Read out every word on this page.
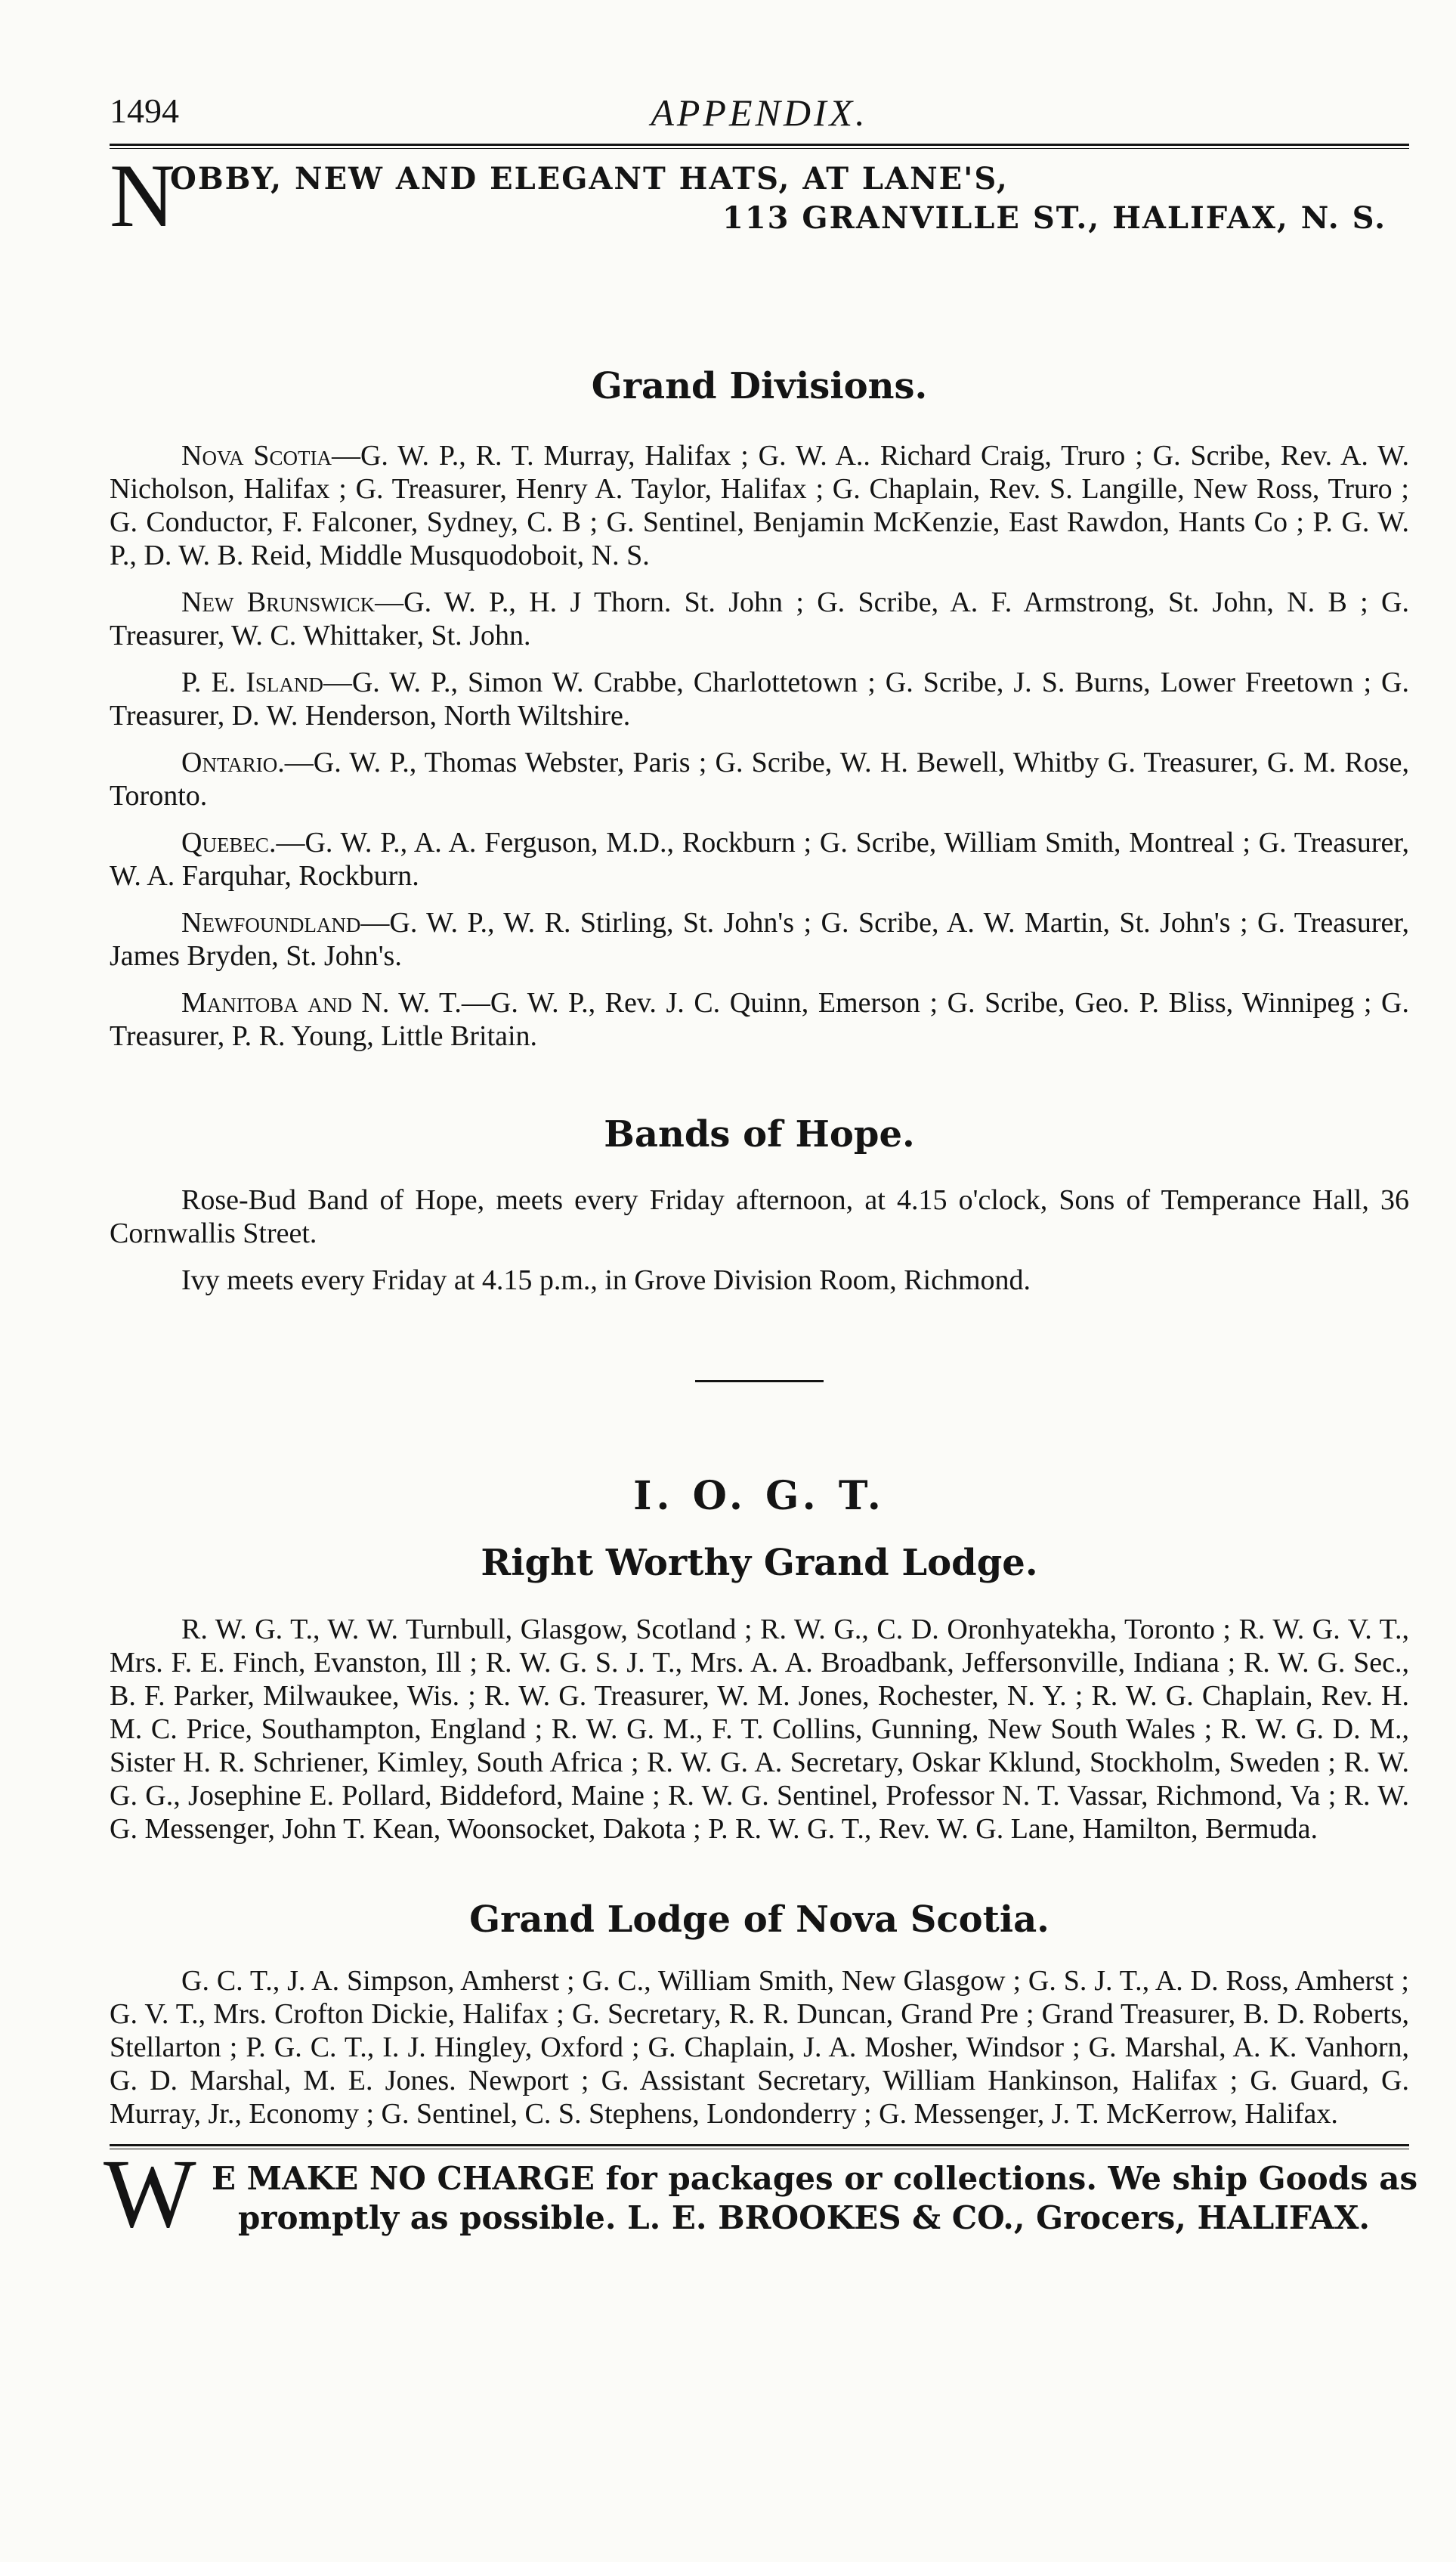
1494	APPENDIX.
N
OBBY, NEW AND ELEGANT HATS, AT LANE'S,
113 GRANVILLE ST., HALIFAX, N. S.
Grand Divisions.

Nova Scotia—G. W. P., R. T. Murray, Halifax ; G. W. A.. Richard Craig, Truro ; G. Scribe, Rev. A. W. Nicholson, Halifax ; G. Treasurer, Henry A. Taylor, Halifax ; G. Chaplain, Rev. S. Langille, New Ross, Truro ; G. Conductor, F. Falconer, Sydney, C. B ; G. Sentinel, Benjamin McKenzie, East Rawdon, Hants Co ; P. G. W. P., D. W. B. Reid, Middle Musquodoboit, N. S.

New Brunswick—G. W. P., H. J Thorn. St. John ; G. Scribe, A. F. Armstrong, St. John, N. B ; G. Treasurer, W. C. Whittaker, St. John.

P. E. Island—G. W. P., Simon W. Crabbe, Charlottetown ; G. Scribe, J. S. Burns, Lower Freetown ; G. Treasurer, D. W. Henderson, North Wiltshire.

Ontario.—G. W. P., Thomas Webster, Paris ; G. Scribe, W. H. Bewell, Whitby G. Treasurer, G. M. Rose, Toronto.

Quebec.—G. W. P., A. A. Ferguson, M.D., Rockburn ; G. Scribe, William Smith, Montreal ; G. Treasurer, W. A. Farquhar, Rockburn.

Newfoundland—G. W. P., W. R. Stirling, St. John's ; G. Scribe, A. W. Martin, St. John's ; G. Treasurer, James Bryden, St. John's.

Manitoba and N. W. T.—G. W. P., Rev. J. C. Quinn, Emerson ; G. Scribe, Geo. P. Bliss, Winnipeg ; G. Treasurer, P. R. Young, Little Britain.

Bands of Hope.

Rose-Bud Band of Hope, meets every Friday afternoon, at 4.15 o'clock, Sons of Temperance Hall, 36 Cornwallis Street.

Ivy meets every Friday at 4.15 p.m., in Grove Division Room, Richmond.

I. O. G. T.
Right Worthy Grand Lodge.

R. W. G. T., W. W. Turnbull, Glasgow, Scotland ; R. W. G., C. D. Oronhyatekha, Toronto ; R. W. G. V. T., Mrs. F. E. Finch, Evanston, Ill ; R. W. G. S. J. T., Mrs. A. A. Broadbank, Jeffersonville, Indiana ; R. W. G. Sec., B. F. Parker, Milwaukee, Wis. ; R. W. G. Treasurer, W. M. Jones, Rochester, N. Y. ; R. W. G. Chaplain, Rev. H. M. C. Price, Southampton, England ; R. W. G. M., F. T. Collins, Gunning, New South Wales ; R. W. G. D. M., Sister H. R. Schriener, Kimley, South Africa ; R. W. G. A. Secretary, Oskar Kklund, Stockholm, Sweden ; R. W. G. G., Josephine E. Pollard, Biddeford, Maine ; R. W. G. Sentinel, Professor N. T. Vassar, Richmond, Va ; R. W. G. Messenger, John T. Kean, Woonsocket, Dakota ; P. R. W. G. T., Rev. W. G. Lane, Hamilton, Bermuda.

Grand Lodge of Nova Scotia.

G. C. T., J. A. Simpson, Amherst ; G. C., William Smith, New Glasgow ; G. S. J. T., A. D. Ross, Amherst ; G. V. T., Mrs. Crofton Dickie, Halifax ; G. Secretary, R. R. Duncan, Grand Pre ; Grand Treasurer, B. D. Roberts, Stellarton ; P. G. C. T., I. J. Hingley, Oxford ; G. Chaplain, J. A. Mosher, Windsor ; G. Marshal, A. K. Vanhorn, G. D. Marshal, M. E. Jones. Newport ; G. Assistant Secretary, William Hankinson, Halifax ; G. Guard, G. Murray, Jr., Economy ; G. Sentinel, C. S. Stephens, Londonderry ; G. Messenger, J. T. McKerrow, Halifax.

W E MAKE NO CHARGE for packages or collections. We ship Goods as
promptly as possible. L. E. BROOKES & CO., Grocers, HALIFAX.
